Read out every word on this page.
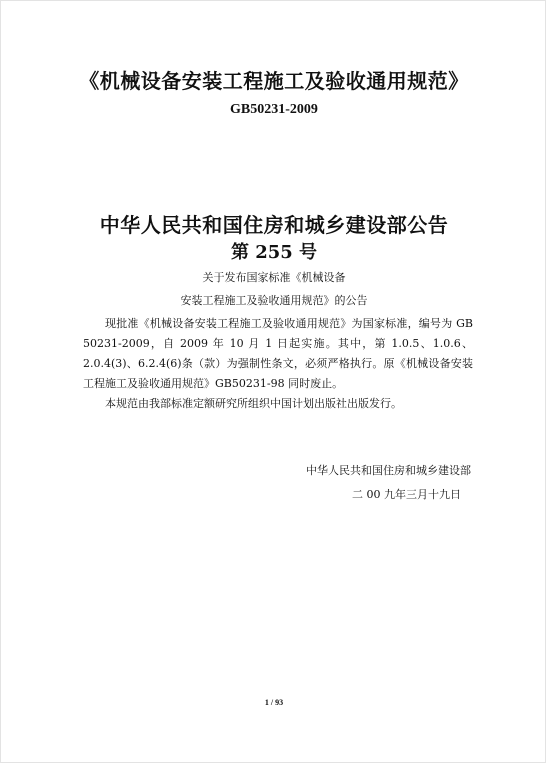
《机械设备安装工程施工及验收通用规范》
GB50231-2009
中华人民共和国住房和城乡建设部公告
第 255 号
关于发布国家标准《机械设备
安装工程施工及验收通用规范》的公告

现批准《机械设备安装工程施工及验收通用规范》为国家标准，编号为 GB 50231-2009，自 2009 年 10 月 1 日起实施。其中，第 1.0.5、1.0.6、2.0.4(3)、6.2.4(6)条（款）为强制性条文，必须严格执行。原《机械设备安装工程施工及验收通用规范》GB50231-98 同时废止。

本规范由我部标准定额研究所组织中国计划出版社出版发行。

中华人民共和国住房和城乡建设部
二 00 九年三月十九日
1 / 93
